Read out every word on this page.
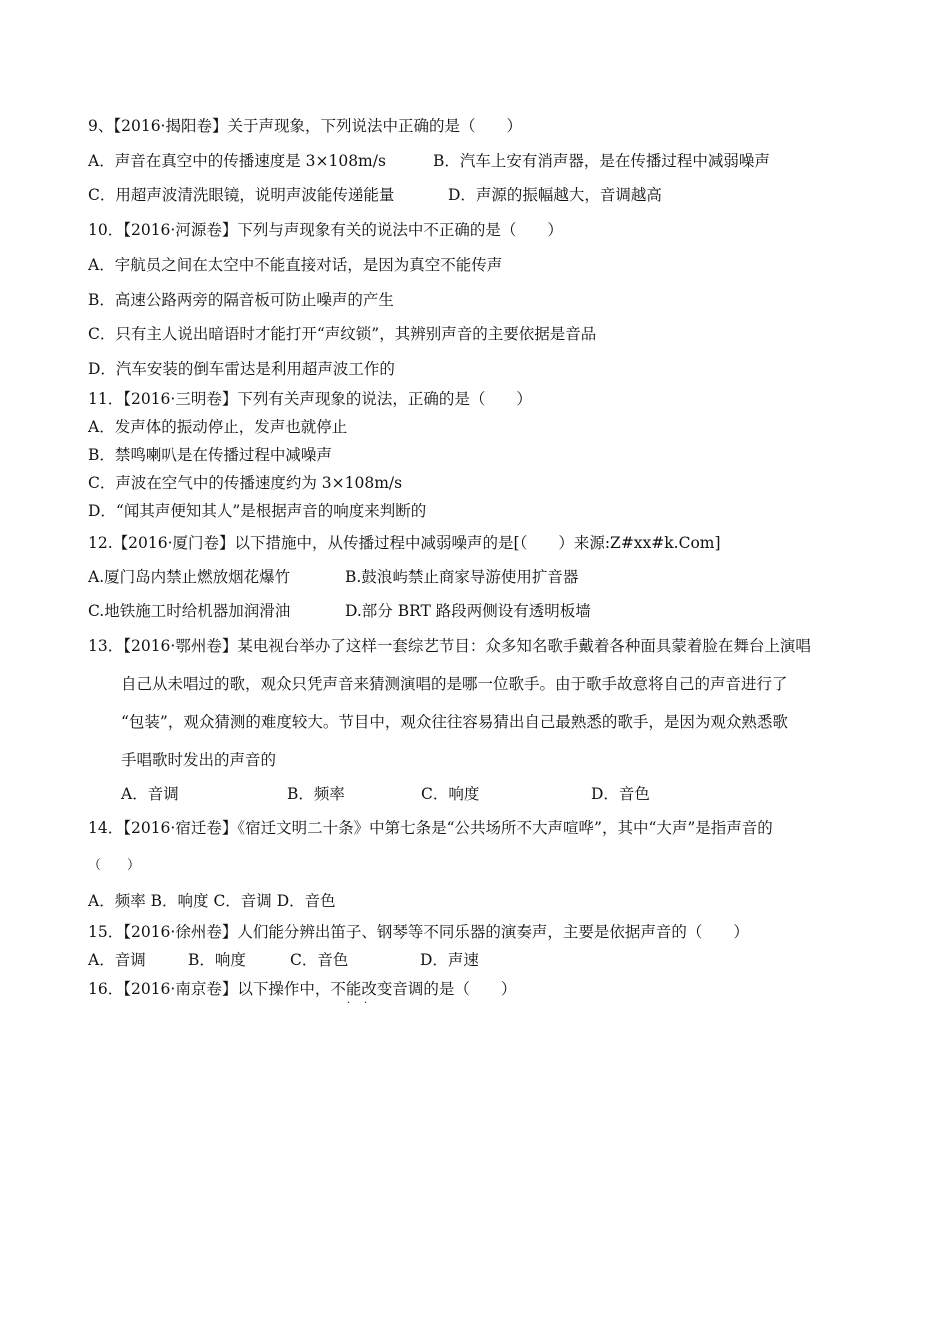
9、【2016·揭阳卷】关于声现象，下列说法中正确的是（　　）

A．声音在真空中的传播速度是 3×108m/s

	B．汽车上安有消声器，是在传播过程中减弱噪声

C．用超声波清洗眼镜，说明声波能传递能量

	D．声源的振幅越大，音调越高

10．【2016·河源卷】下列与声现象有关的说法中不正确的是（　　）
A．宇航员之间在太空中不能直接对话，是因为真空不能传声
B．高速公路两旁的隔音板可防止噪声的产生
C．只有主人说出暗语时才能打开“声纹锁”，其辨别声音的主要依据是音品
D．汽车安装的倒车雷达是利用超声波工作的
11．【2016·三明卷】下列有关声现象的说法，正确的是（　　）
A．发声体的振动停止，发声也就停止
B．禁鸣喇叭是在传播过程中减噪声
C．声波在空气中的传播速度约为 3×108m/s
D．“闻其声便知其人”是根据声音的响度来判断的
12.【2016·厦门卷】以下措施中，从传播过程中减弱噪声的是[（　　）来源:Z#xx#k.Com]

A.厦门岛内禁止燃放烟花爆竹

	B.鼓浪屿禁止商家导游使用扩音器

C.地铁施工时给机器加润滑油

	D.部分 BRT 路段两侧设有透明板墙

13．【2016·鄂州卷】某电视台举办了这样一套综艺节目：众多知名歌手戴着各种面具蒙着脸在舞台上演唱
自己从未唱过的歌，观众只凭声音来猜测演唱的是哪一位歌手。由于歌手故意将自己的声音进行了
“包装”，观众猜测的难度较大。节目中，观众往往容易猜出自己最熟悉的歌手，是因为观众熟悉歌
手唱歌时发出的声音的

A．音调

	B．频率

	C．响度

	D．音色

14．【2016·宿迁卷】《宿迁文明二十条》中第七条是“公共场所不大声喧哗”，其中“大声”是指声音的
（　　）
A．频率 B．响度 C．音调 D．音色
15．【2016·徐州卷】人们能分辨出笛子、钢琴等不同乐器的演奏声，主要是依据声音的（　　）

A．音调

	B．响度

	C．音色

	D．声速

16．【2016·南京卷】以下操作中，不能改变音调的是（　　）
· ·
